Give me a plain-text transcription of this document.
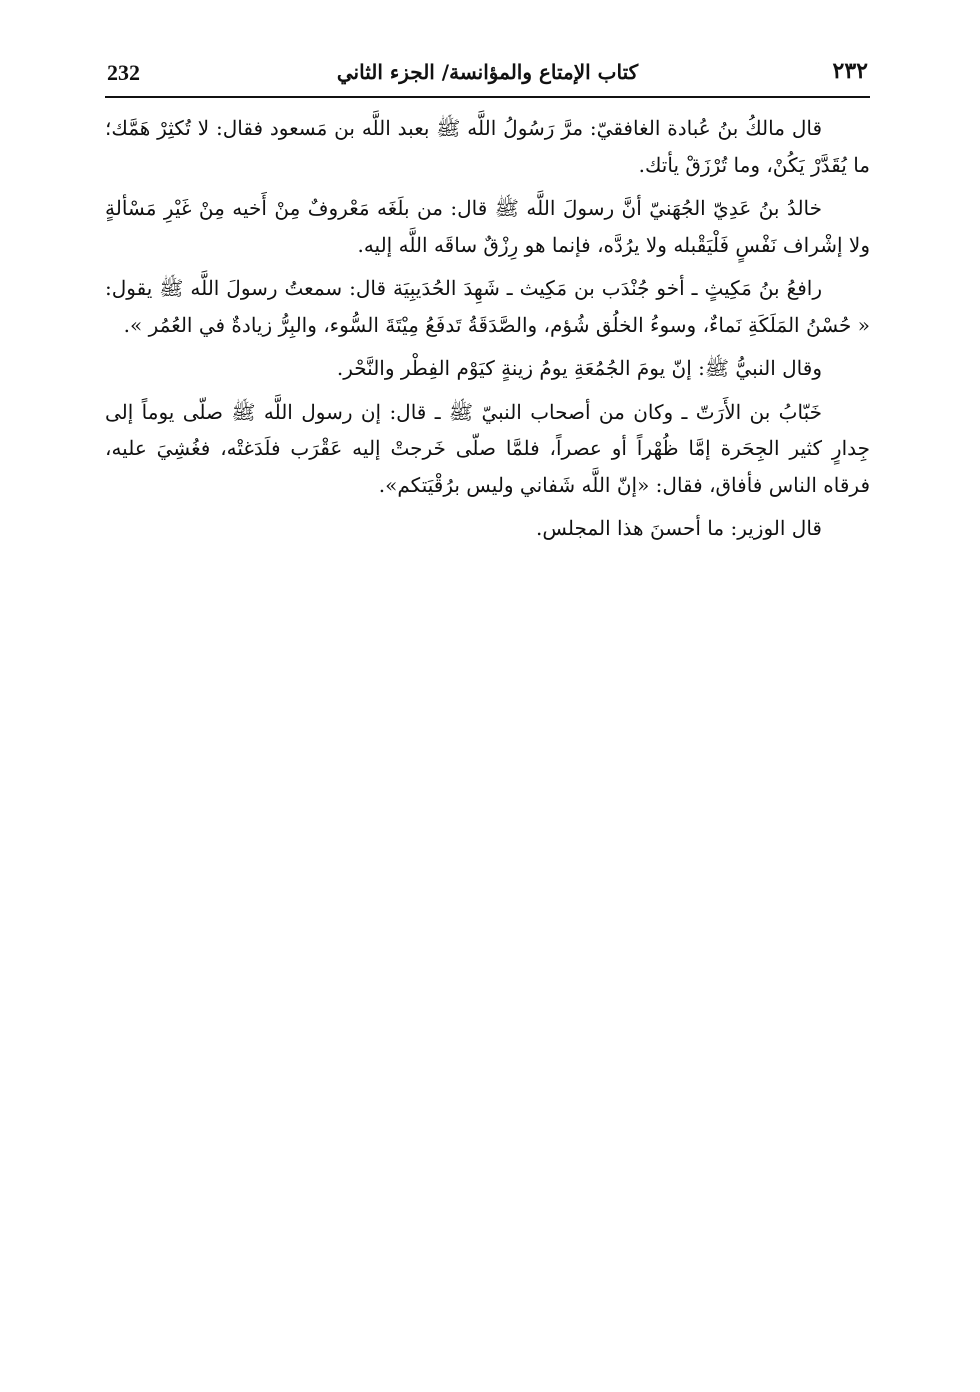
232	كتاب الإمتاع والمؤانسة/ الجزء الثاني	٢٣٢

قال مالكُ بنُ عُبادة الغافقيّ: مرَّ رَسُولُ اللَّه ﷺ بعبد اللَّه بن مَسعود فقال: لا تُكثِرْ هَمَّك؛ ما يُقَدَّرْ يَكُنْ، وما تُرْزَقْ يأتك.

خالدُ بنُ عَدِيّ الجُهَنيّ أنَّ رسولَ اللَّه ﷺ قال: من بلَغَه مَعْروفٌ مِنْ أَخيه مِنْ غَيْرِ مَسْألةٍ ولا إشْراف نَفْسٍ فَلْيَقْبله ولا يرُدَّه، فإنما هو رِزْقٌ ساقَه اللَّه إليه.

رافعُ بنُ مَكِيثٍ ـ أخو جُنْدَب بن مَكِيث ـ شَهِدَ الحُدَيبِيَة قال: سمعتُ رسولَ اللَّه ﷺ يقول: « حُسْنُ المَلَكَةِ نَماءٌ، وسوءُ الخلُق شُؤم، والصَّدَقَةُ تَدفَعُ مِيْتَةَ السُّوء، والبِرُّ زيادةٌ في العُمُر ».

وقال النبيُّ ﷺ: إنّ يومَ الجُمُعَةِ يومُ زينةٍ كيَوْم الفِطْر والنَّحْر.

خَبّابُ بن الأَرَتّ ـ وكان من أصحاب النبيّ ﷺ ـ قال: إن رسول اللَّه ﷺ صلّى يوماً إلى جِدارٍ كثير الجِحَرة إمَّا ظُهْراً أو عصراً، فلمَّا صلّى خَرجتْ إليه عَقْرَب فلَدَغتْه، فغُشِيَ عليه، فرقاه الناس فأفاق، فقال: «إنّ اللَّه شَفاني وليس برُقْيَتكم».

قال الوزير: ما أحسنَ هذا المجلس.
